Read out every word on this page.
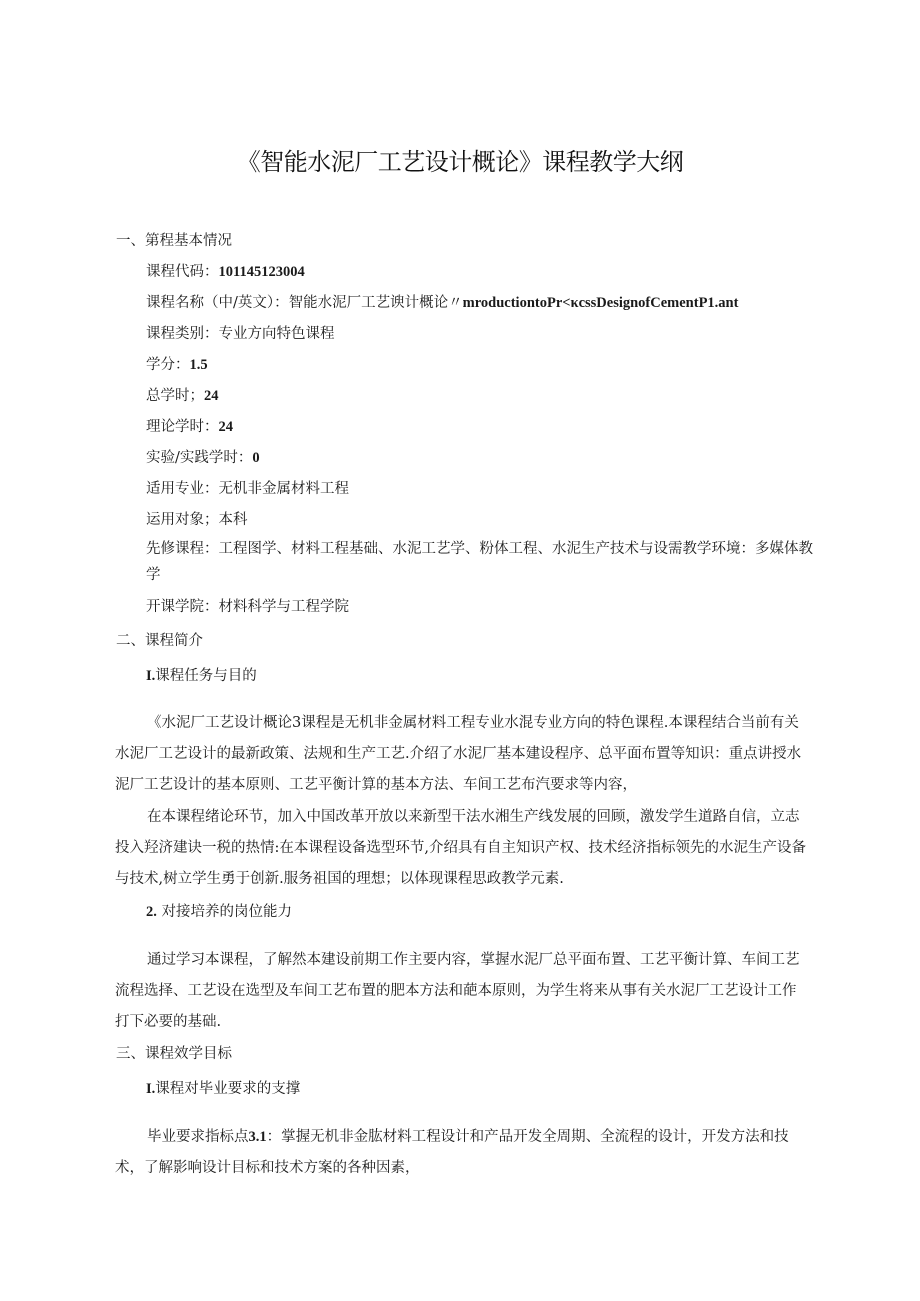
《智能水泥厂工艺设计概论》课程教学大纲
一、第程基本情况
课程代码：101145123004
课程名称（中/英文）：智能水泥厂工艺谀计概论〃mroductiontoPr<κcssDesignofCementP1.ant
课程类别：专业方向特色课程
学分：1.5
总学时；24
理论学时：24
实验/实践学时：0
适用专业：无机非金属材料工程
运用对象；本科
先修课程：工程图学、材料工程基础、水泥工艺学、粉体工程、水泥生产技术与设需教学环境：多媒体教学
开课学院：材料科学与工程学院
二、课程简介
I.课程任务与目的
《水泥厂工艺设计概论3课程是无机非金属材料工程专业水混专业方向的特色课程.本课程结合当前有关水泥厂工艺设计的最新政策、法规和生产工艺.介绍了水泥厂基本建设程序、总平面布置等知识：重点讲授水泥厂工艺设计的基本原则、工艺平衡计算的基本方法、车间工艺布汽要求等内容，
在本课程绪论环节，加入中国改革开放以来新型干法水湘生产线发展的回顾，激发学生道路自信，立志投入羟济建诀一税的热情:在本课程设备选型环节,介绍具有自主知识产权、技术经济指标领先的水泥生产设备与技术,树立学生勇于创新.服务祖国的理想；以体现课程思政教学元素.
2. 对接培养的岗位能力
通过学习本课程，了解然本建设前期工作主要内容，掌握水泥厂总平面布置、工艺平衡计算、车间工艺流程选择、工艺设在选型及车间工艺布置的肥本方法和葩本原则，为学生将来从事有关水泥厂工艺设计工作打下必要的基础.
三、课程效学目标
I.课程对毕业要求的支撑
毕业要求指标点3.1：掌握无机非金肱材料工程设计和产品开发全周期、全流程的设计，开发方法和技术，了解影响设计目标和技术方案的各种因素，
